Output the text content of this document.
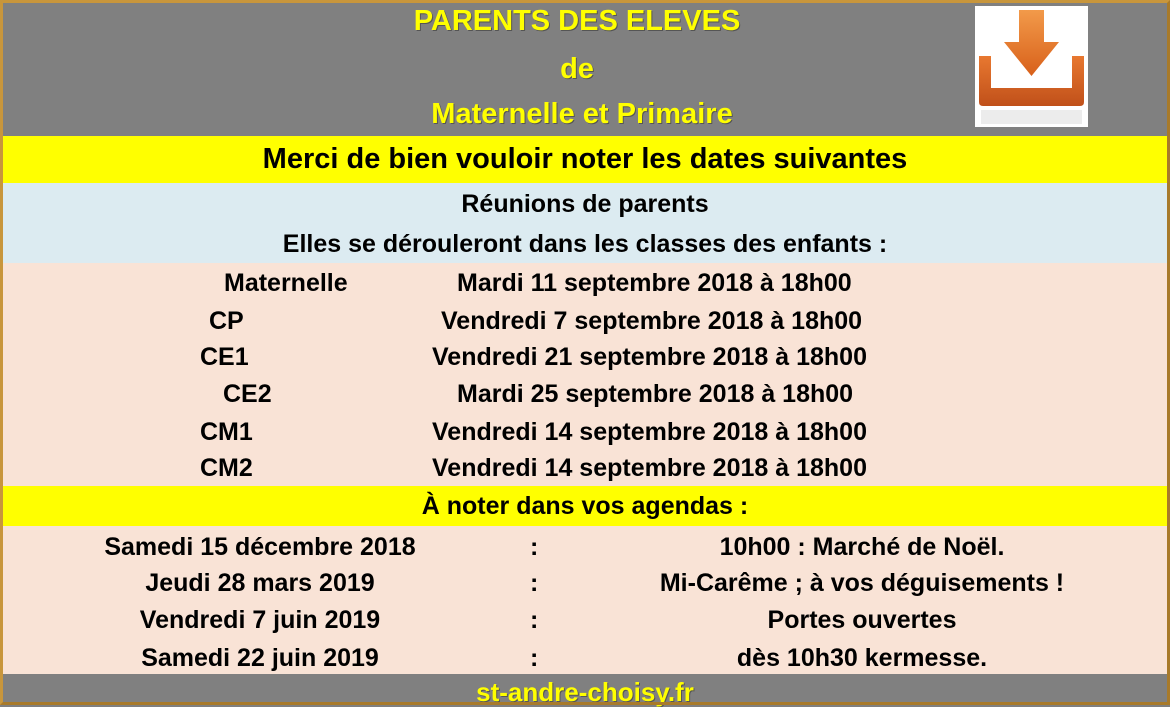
PARENTS DES ELEVES
de
Maternelle et Primaire
Merci de bien vouloir noter les dates suivantes
Réunions de parents
Elles se dérouleront dans les classes des enfants :
Maternelle	Mardi 11 septembre 2018 à 18h00
CP	Vendredi 7 septembre 2018 à 18h00
CE1	Vendredi 21 septembre 2018 à 18h00
CE2	Mardi 25 septembre 2018 à 18h00
CM1	Vendredi 14 septembre 2018 à 18h00
CM2	Vendredi 14 septembre 2018 à 18h00
À noter dans vos agendas :
Samedi 15 décembre 2018	:	10h00 : Marché de Noël.
Jeudi 28 mars 2019	:	Mi-Carême ; à vos déguisements !
Vendredi 7 juin 2019	:	Portes ouvertes
Samedi 22 juin 2019	:	dès 10h30 kermesse.
st-andre-choisy.fr
